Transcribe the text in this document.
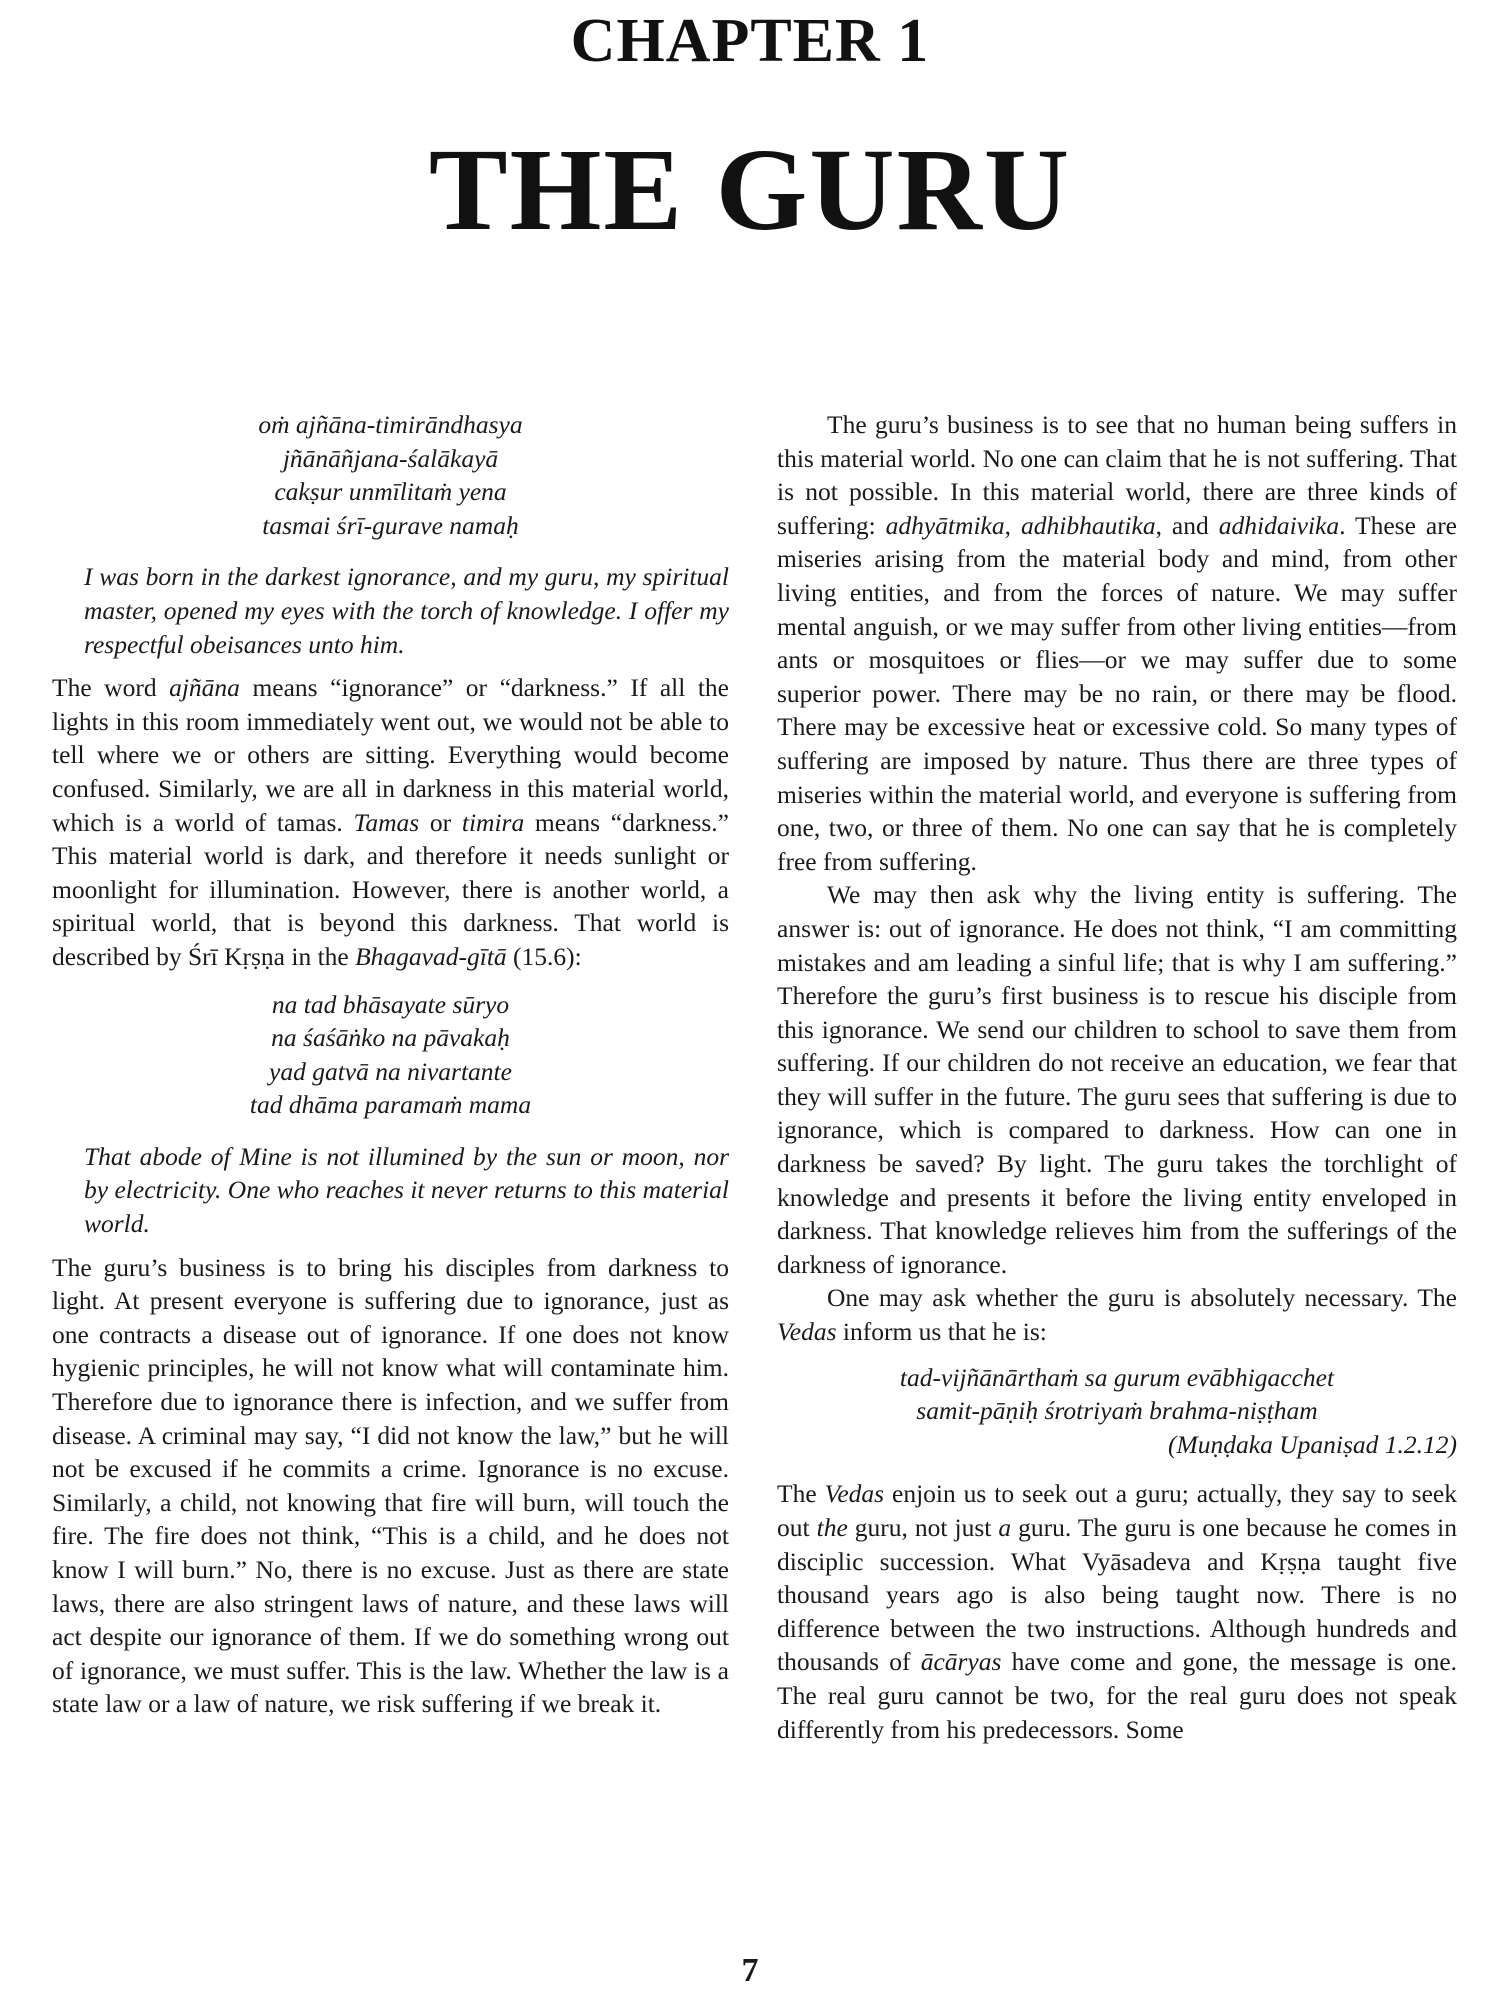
CHAPTER 1
THE GURU
oṁ ajñāna-timirāndhasya
jñānāñjana-śalākayā
cakṣur unmīlitaṁ yena
tasmai śrī-gurave namaḥ

I was born in the darkest ignorance, and my guru, my spiritual master, opened my eyes with the torch of knowledge. I offer my respectful obeisances unto him.

The word ajñāna means “ignorance” or “darkness.” If all the lights in this room immediately went out, we would not be able to tell where we or others are sitting. Everything would become confused. Similarly, we are all in darkness in this material world, which is a world of tamas. Tamas or timira means “darkness.” This material world is dark, and therefore it needs sunlight or moonlight for illumination. However, there is another world, a spiritual world, that is beyond this darkness. That world is described by Śrī Kṛṣṇa in the Bhagavad-gītā (15.6):

na tad bhāsayate sūryo
na śaśāṅko na pāvakaḥ
yad gatvā na nivartante
tad dhāma paramaṁ mama

That abode of Mine is not illumined by the sun or moon, nor by electricity. One who reaches it never returns to this material world.

The guru’s business is to bring his disciples from darkness to light. At present everyone is suffering due to ignorance, just as one contracts a disease out of ignorance. If one does not know hygienic principles, he will not know what will contaminate him. Therefore due to ignorance there is infection, and we suffer from disease. A criminal may say, “I did not know the law,” but he will not be excused if he commits a crime. Ignorance is no excuse. Similarly, a child, not knowing that fire will burn, will touch the fire. The fire does not think, “This is a child, and he does not know I will burn.” No, there is no excuse. Just as there are state laws, there are also stringent laws of nature, and these laws will act despite our ignorance of them. If we do something wrong out of ignorance, we must suffer. This is the law. Whether the law is a state law or a law of nature, we risk suffering if we break it.

The guru’s business is to see that no human being suffers in this material world. No one can claim that he is not suffering. That is not possible. In this material world, there are three kinds of suffering: adhyātmika, adhibhautika, and adhidaivika. These are miseries arising from the material body and mind, from other living entities, and from the forces of nature. We may suffer mental anguish, or we may suffer from other living entities—from ants or mosquitoes or flies—or we may suffer due to some superior power. There may be no rain, or there may be flood. There may be excessive heat or excessive cold. So many types of suffering are imposed by nature. Thus there are three types of miseries within the material world, and everyone is suffering from one, two, or three of them. No one can say that he is completely free from suffering.

We may then ask why the living entity is suffering. The answer is: out of ignorance. He does not think, “I am committing mistakes and am leading a sinful life; that is why I am suffering.” Therefore the guru’s first business is to rescue his disciple from this ignorance. We send our children to school to save them from suffering. If our children do not receive an education, we fear that they will suffer in the future. The guru sees that suffering is due to ignorance, which is compared to darkness. How can one in darkness be saved? By light. The guru takes the torchlight of knowledge and presents it before the living entity enveloped in darkness. That knowledge relieves him from the sufferings of the darkness of ignorance.

One may ask whether the guru is absolutely necessary. The Vedas inform us that he is:

tad-vijñānārthaṁ sa gurum evābhigacchet
samit-pāṇiḥ śrotriyaṁ brahma-niṣṭham
(Muṇḍaka Upaniṣad 1.2.12)

The Vedas enjoin us to seek out a guru; actually, they say to seek out the guru, not just a guru. The guru is one because he comes in disciplic succession. What Vyāsadeva and Kṛṣṇa taught five thousand years ago is also being taught now. There is no difference between the two instructions. Although hundreds and thousands of ācāryas have come and gone, the message is one. The real guru cannot be two, for the real guru does not speak differently from his predecessors. Some

7
